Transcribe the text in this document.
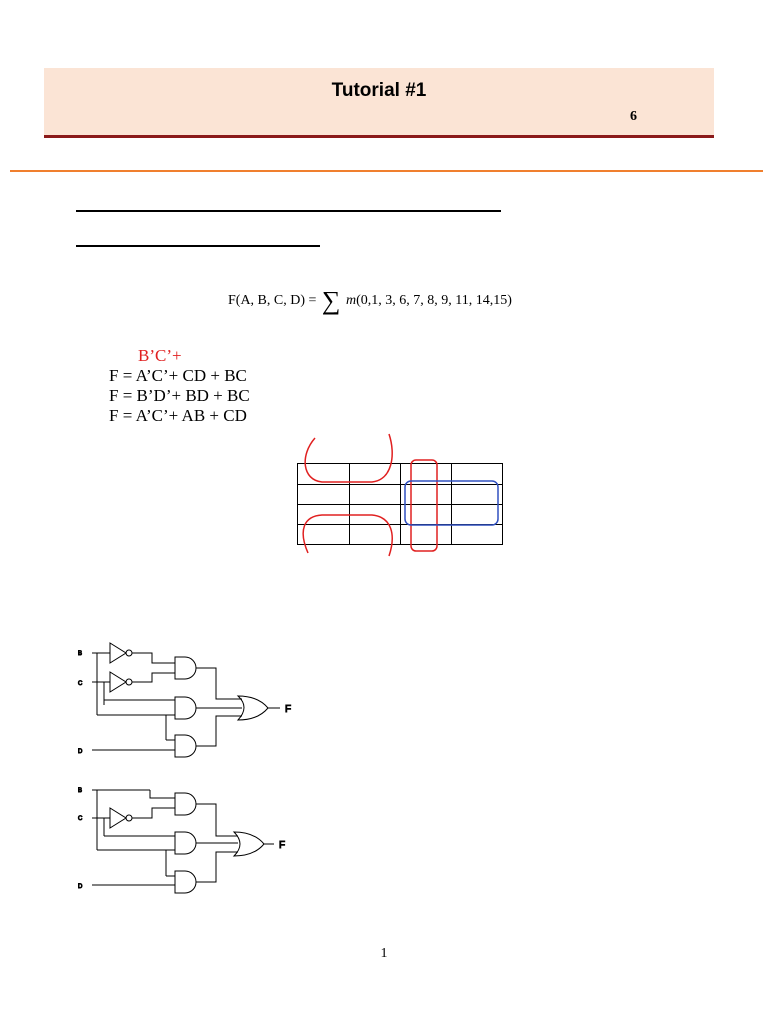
Tutorial #1
6
F(A, B, C, D) = ∑ m(0,1, 3, 6, 7, 8, 9, 11, 14,15)
B’C’+
F = A’C’+ CD + BC
F = B’D’+ BD + BC
F = A’C’+ AB + CD
B
C
D
F
B
C
D
F
1
